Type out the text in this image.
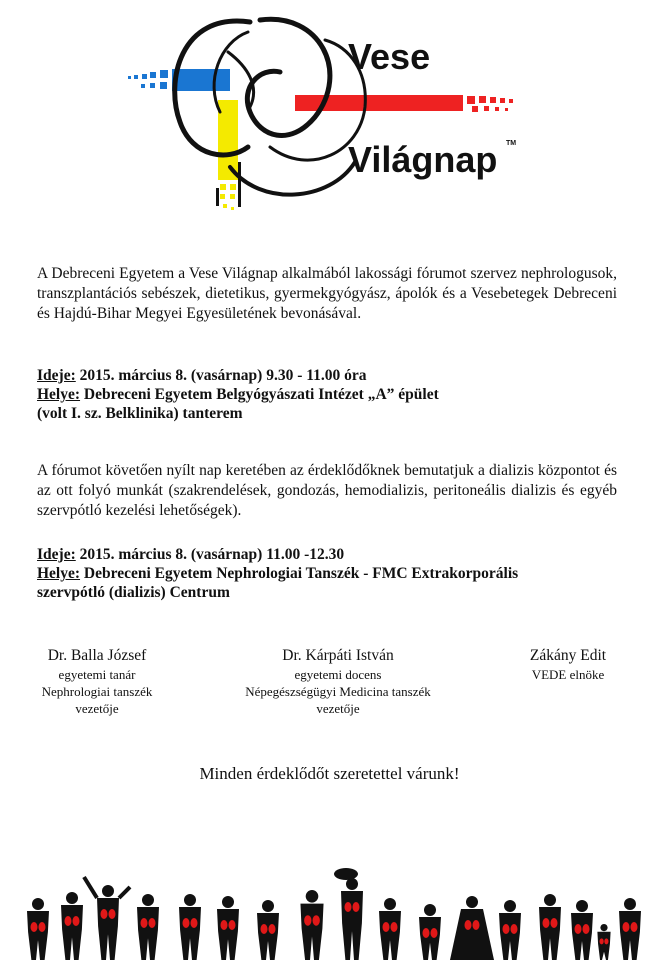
Vese
Világnap TM
A Debreceni Egyetem a Vese Világnap alkalmából lakossági fórumot szervez nephrologusok, transzplantációs sebészek, dietetikus, gyermekgyógyász, ápolók és a Vesebetegek Debreceni és Hajdú-Bihar Megyei Egyesületének bevonásával.
Ideje: 2015. március 8. (vasárnap) 9.30 - 11.00 óra
Helye: Debreceni Egyetem Belgyógyászati Intézet „A” épület
(volt I. sz. Belklinika) tanterem
A fórumot követően nyílt nap keretében az érdeklődőknek bemutatjuk a dializis központot és az ott folyó munkát (szakrendelések, gondozás, hemodializis, peritoneális dializis és egyéb szervpótló kezelési lehetőségek).
Ideje: 2015. március 8. (vasárnap) 11.00 -12.30
Helye: Debreceni Egyetem Nephrologiai Tanszék - FMC Extrakorporális
szervpótló (dializis) Centrum
Dr. Balla József
egyetemi tanár
Nephrologiai tanszék
vezetője
Dr. Kárpáti István
egyetemi docens
Népegészségügyi Medicina tanszék
vezetője
Zákány Edit
VEDE elnöke
Minden érdeklődőt szeretettel várunk!
